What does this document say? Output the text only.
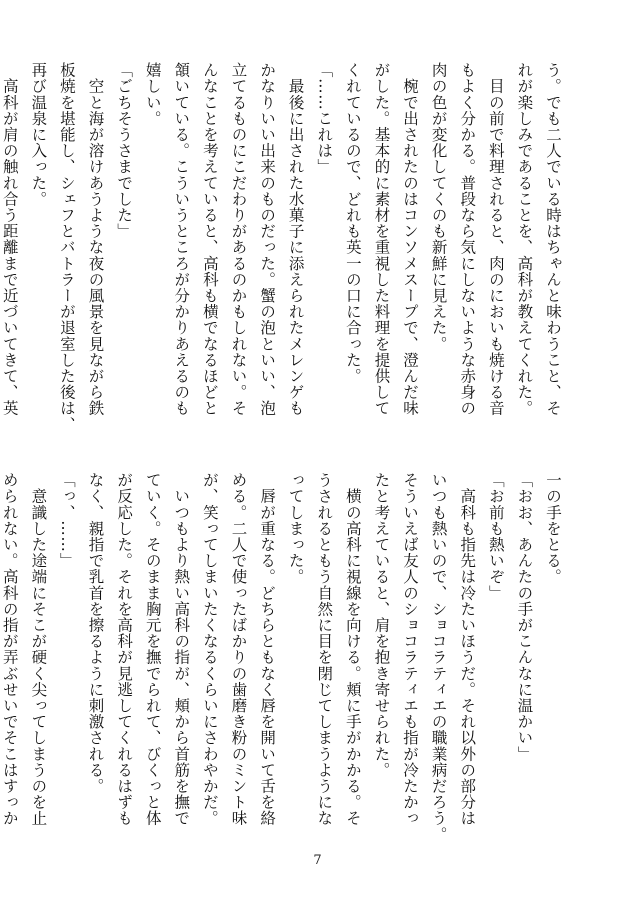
う。でも二人でいる時はちゃんと味わうこと、そ
れが楽しみであることを、高科が教えてくれた。
　目の前で料理されると、肉のにおいも焼ける音
もよく分かる。普段なら気にしないような赤身の
肉の色が変化してくのも新鮮に見えた。
　椀で出されたのはコンソメスープで、澄んだ味
がした。基本的に素材を重視した料理を提供して
くれているので、どれも英一の口に合った。
「……これは」
　最後に出された水菓子に添えられたメレンゲも
かなりいい出来のものだった。蟹の泡といい、泡
立てるものにこだわりがあるのかもしれない。そ
んなことを考えていると、高科も横でなるほどと
頷いている。こういうところが分かりあえるのも
嬉しい。
「ごちそうさまでした」
　空と海が溶けあうような夜の風景を見ながら鉄
板焼を堪能し、シェフとバトラーが退室した後は、
再び温泉に入った。
　高科が肩の触れ合う距離まで近づいてきて、英
一の手をとる。
「おお、あんたの手がこんなに温かい」
「お前も熱いぞ」
　高科も指先は冷たいほうだ。それ以外の部分は
いつも熱いので、ショコラティエの職業病だろう。
そういえば友人のショコラティエも指が冷たかっ
たと考えていると、肩を抱き寄せられた。
　横の高科に視線を向ける。頬に手がかかる。そ
うされるともう自然に目を閉じてしまうようにな
ってしまった。
　唇が重なる。どちらともなく唇を開いて舌を絡
める。二人で使ったばかりの歯磨き粉のミント味
が、笑ってしまいたくなるくらいにさわやかだ。
　いつもより熱い高科の指が、頬から首筋を撫で
ていく。そのまま胸元を撫でられて、びくっと体
が反応した。それを高科が見逃してくれるはずも
なく、親指で乳首を擦るように刺激される。
「っ、……」
　意識した途端にそこが硬く尖ってしまうのを止
められない。高科の指が弄ぶせいでそこはすっか
7
